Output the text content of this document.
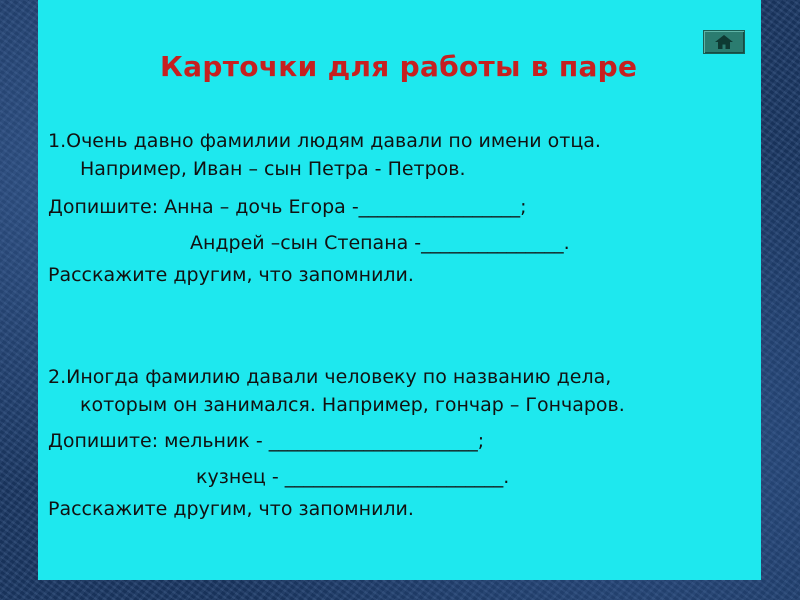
Карточки для работы в паре
1.Очень давно фамилии людям давали по имени отца.
Например, Иван – сын Петра - Петров.
Допишите: Анна – дочь Егора -_________________;
Андрей –сын Степана -_______________.
Расскажите другим, что запомнили.
2.Иногда фамилию давали человеку по названию дела,
которым он занимался. Например, гончар – Гончаров.
Допишите: мельник - ______________________;
кузнец - _______________________.
Расскажите другим, что запомнили.
